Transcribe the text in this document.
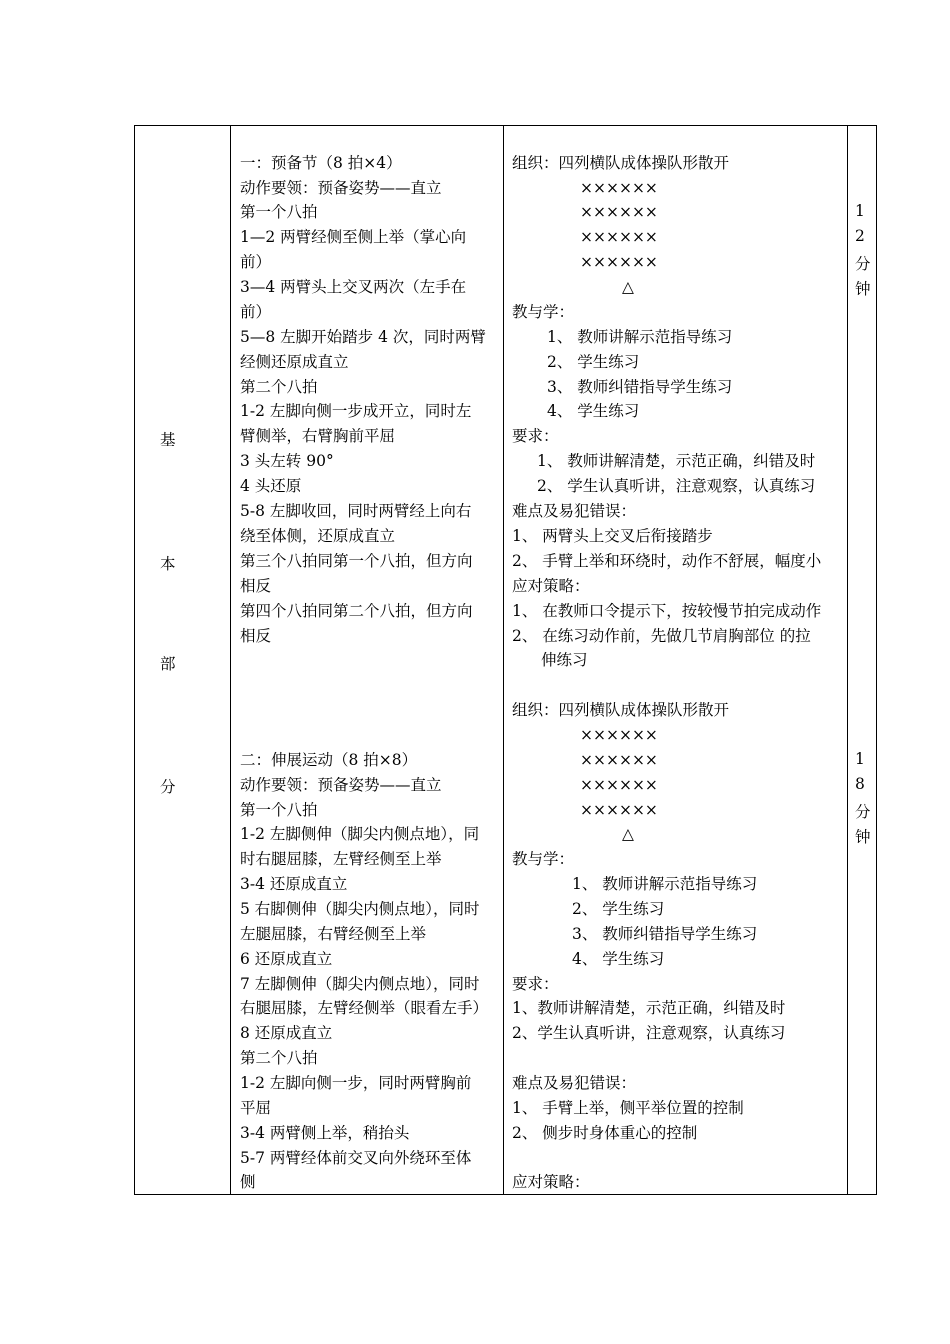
基
本
部
分
一：预备节（8 拍×4）
动作要领：预备姿势——直立
第一个八拍
1—2 两臂经侧至侧上举（掌心向
前）
3—4 两臂头上交叉两次（左手在
前）
5—8 左脚开始踏步 4 次，同时两臂
经侧还原成直立
第二个八拍
1-2 左脚向侧一步成开立，同时左
臂侧举，右臂胸前平屈
3 头左转 90°
4 头还原
5-8 左脚收回，同时两臂经上向右
绕至体侧，还原成直立
第三个八拍同第一个八拍，但方向
相反
第四个八拍同第二个八拍，但方向
相反
二：伸展运动（8 拍×8）
动作要领：预备姿势——直立
第一个八拍
1-2 左脚侧伸（脚尖内侧点地），同
时右腿屈膝，左臂经侧至上举
3-4 还原成直立
5 右脚侧伸（脚尖内侧点地），同时
左腿屈膝，右臂经侧至上举
6 还原成直立
7 左脚侧伸（脚尖内侧点地），同时
右腿屈膝，左臂经侧举（眼看左手）
8 还原成直立
第二个八拍
1-2 左脚向侧一步，同时两臂胸前
平屈
3-4 两臂侧上举，稍抬头
5-7 两臂经体前交叉向外绕环至体
侧
组织：四列横队成体操队形散开
××××××
××××××
××××××
××××××
△
教与学：
1、 教师讲解示范指导练习
2、 学生练习
3、 教师纠错指导学生练习
4、 学生练习
要求：
1、 教师讲解清楚，示范正确，纠错及时
2、 学生认真听讲，注意观察，认真练习
难点及易犯错误：
1、 两臂头上交叉后衔接踏步
2、 手臂上举和环绕时，动作不舒展，幅度小
应对策略：
1、 在教师口令提示下，按较慢节拍完成动作
2、 在练习动作前，先做几节肩胸部位 的拉
伸练习
组织：四列横队成体操队形散开
××××××
××××××
××××××
××××××
△
教与学：
1、 教师讲解示范指导练习
2、 学生练习
3、 教师纠错指导学生练习
4、 学生练习
要求：
1、教师讲解清楚，示范正确，纠错及时
2、学生认真听讲，注意观察，认真练习
难点及易犯错误：
1、 手臂上举，侧平举位置的控制
2、 侧步时身体重心的控制
应对策略：
1
2
分
钟
1
8
分
钟
